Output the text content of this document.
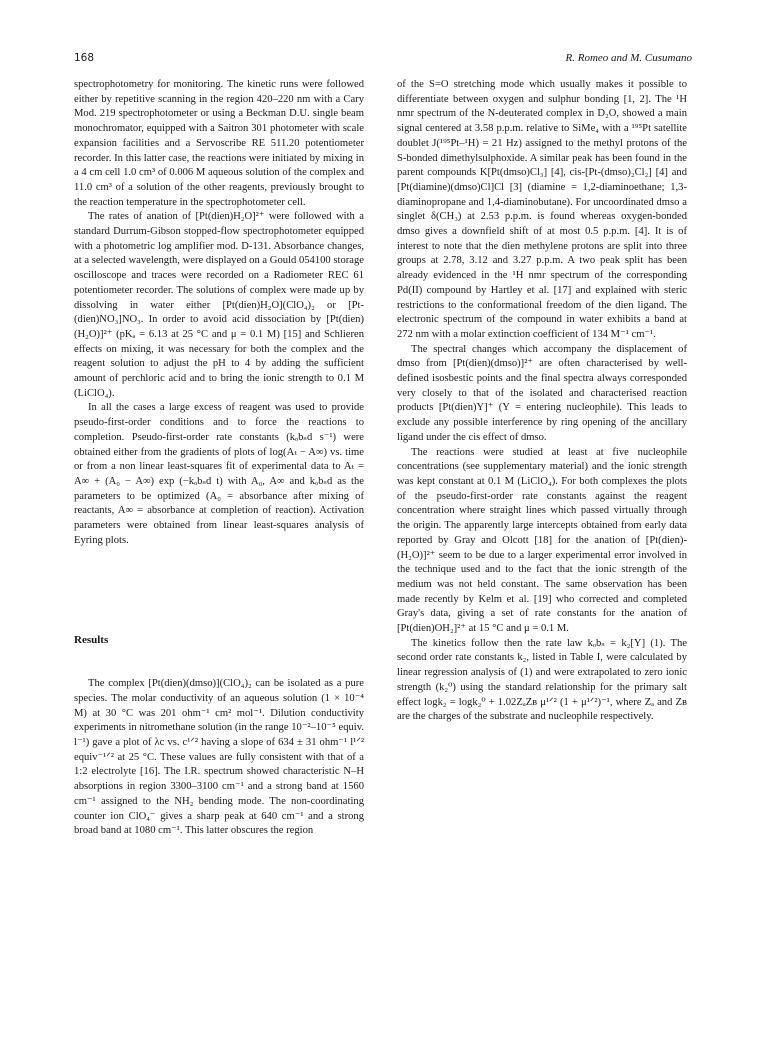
168	R. Romeo and M. Cusumano

spectrophotometry for monitoring. The kinetic runs were followed either by repetitive scanning in the region 420–220 nm with a Cary Mod. 219 spectrophotometer or using a Beckman D.U. single beam monochromator, equipped with a Saitron 301 photometer with scale expansion facilities and a Servoscribe RE 511.20 potentiometer recorder. In this latter case, the reactions were initiated by mixing in a 4 cm cell 1.0 cm³ of 0.006 M aqueous solution of the complex and 11.0 cm³ of a solution of the other reagents, previously brought to the reaction temperature in the spectrophotometer cell.

The rates of anation of [Pt(dien)H₂O]²⁺ were followed with a standard Durrum-Gibson stopped-flow spectrophotometer equipped with a photometric log amplifier mod. D-131. Absorbance changes, at a selected wavelength, were displayed on a Gould 054100 storage oscilloscope and traces were recorded on a Radiometer REC 61 potentiometer recorder. The solutions of complex were made up by dissolving in water either [Pt(dien)H₂O](ClO₄)₂ or [Pt-(dien)NO₃]NO₃. In order to avoid acid dissociation by [Pt(dien)(H₂O)]²⁺ (pKₐ = 6.13 at 25 °C and μ = 0.1 M) [15] and Schlieren effects on mixing, it was necessary for both the complex and the reagent solution to adjust the pH to 4 by adding the sufficient amount of perchloric acid and to bring the ionic strength to 0.1 M (LiClO₄).

In all the cases a large excess of reagent was used to provide pseudo-first-order conditions and to force the reactions to completion. Pseudo-first-order rate constants (kₒbₛd s⁻¹) were obtained either from the gradients of plots of log(Aₜ − A∞) vs. time or from a non linear least-squares fit of experimental data to Aₜ = A∞ + (A₀ − A∞) exp (−kₒbₛd t) with A₀, A∞ and kₒbₛd as the parameters to be optimized (A₀ = absorbance after mixing of reactants, A∞ = absorbance at completion of reaction). Activation parameters were obtained from linear least-squares analysis of Eyring plots.

Results

The complex [Pt(dien)(dmso)](ClO₄)₂ can be isolated as a pure species. The molar conductivity of an aqueous solution (1 × 10⁻⁴ M) at 30 °C was 201 ohm⁻¹ cm² mol⁻¹. Dilution conductivity experiments in nitromethane solution (in the range 10⁻²–10⁻⁵ equiv. l⁻¹) gave a plot of λc vs. c¹ᐟ² having a slope of 634 ± 31 ohm⁻¹ l¹ᐟ² equiv⁻¹ᐟ² at 25 °C. These values are fully consistent with that of a 1:2 electrolyte [16]. The I.R. spectrum showed characteristic N–H absorptions in region 3300–3100 cm⁻¹ and a strong band at 1560 cm⁻¹ assigned to the NH₂ bending mode. The non-coordinating counter ion ClO₄⁻ gives a sharp peak at 640 cm⁻¹ and a strong broad band at 1080 cm⁻¹. This latter obscures the region

of the S=O stretching mode which usually makes it possible to differentiate between oxygen and sulphur bonding [1, 2]. The ¹H nmr spectrum of the N-deuterated complex in D₂O, showed a main signal centered at 3.58 p.p.m. relative to SiMe₄ with a ¹⁹⁵Pt satellite doublet J(¹⁹⁵Pt–¹H) = 21 Hz) assigned to the methyl protons of the S-bonded dimethylsulphoxide. A similar peak has been found in the parent compounds K[Pt(dmso)Cl₃] [4], cis-[Pt-(dmso)₂Cl₂] [4] and [Pt(diamine)(dmso)Cl]Cl [3] (diamine = 1,2-diaminoethane; 1,3-diaminopropane and 1,4-diaminobutane). For uncoordinated dmso a singlet δ(CH₃) at 2.53 p.p.m. is found whereas oxygen-bonded dmso gives a downfield shift of at most 0.5 p.p.m. [4]. It is of interest to note that the dien methylene protons are split into three groups at 2.78, 3.12 and 3.27 p.p.m. A two peak split has been already evidenced in the ¹H nmr spectrum of the corresponding Pd(II) compound by Hartley et al. [17] and explained with steric restrictions to the conformational freedom of the dien ligand. The electronic spectrum of the compound in water exhibits a band at 272 nm with a molar extinction coefficient of 134 M⁻¹ cm⁻¹.

The spectral changes which accompany the displacement of dmso from [Pt(dien)(dmso)]²⁺ are often characterised by well-defined isosbestic points and the final spectra always corresponded very closely to that of the isolated and characterised reaction products [Pt(dien)Y]⁺ (Y = entering nucleophile). This leads to exclude any possible interference by ring opening of the ancillary ligand under the cis effect of dmso.

The reactions were studied at least at five nucleophile concentrations (see supplementary material) and the ionic strength was kept constant at 0.1 M (LiClO₄). For both complexes the plots of the pseudo-first-order rate constants against the reagent concentration where straight lines which passed virtually through the origin. The apparently large intercepts obtained from early data reported by Gray and Olcott [18] for the anation of [Pt(dien)-(H₂O)]²⁺ seem to be due to a larger experimental error involved in the technique used and to the fact that the ionic strength of the medium was not held constant. The same observation has been made recently by Kelm et al. [19] who corrected and completed Gray's data, giving a set of rate constants for the anation of [Pt(dien)OH₂]²⁺ at 15 °C and μ = 0.1 M.

The kinetics follow then the rate law kₒbₛ = k₂[Y] (1). The second order rate constants k₂, listed in Table I, were calculated by linear regression analysis of (1) and were extrapolated to zero ionic strength (k₂⁰) using the standard relationship for the primary salt effect logk₂ = logk₂⁰ + 1.02ZₐZʙ μ¹ᐟ² (1 + μ¹ᐟ²)⁻¹, where Zₐ and Zʙ are the charges of the substrate and nucleophile respectively.
